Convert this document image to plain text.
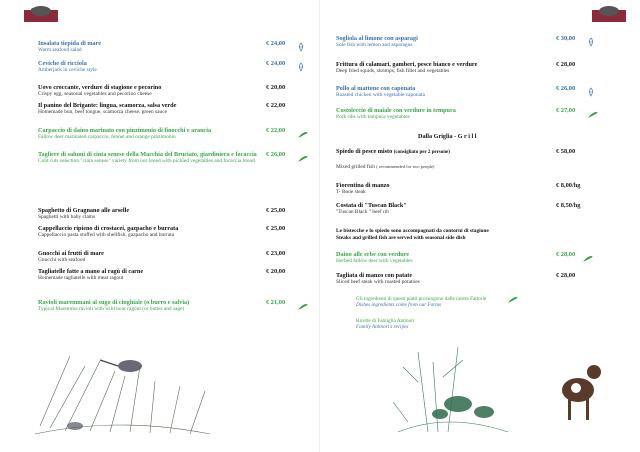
Insalata tiepida di mare
Warm seafood salad
€ 24,00
Ceviche di ricciola
Amberjack in ceviche style
€ 24,00
Uovo croccante, verdure di stagione e pecorino
Crispy egg, seasonal vegetables and pecorino cheese
€ 20,00
Il panino del Brigante: lingua, scamorza, salsa verde
Homemade bun, beef tongue, scamorza cheese, green sauce
€ 22,00
Carpaccio di daino marinato con pinzimonio di finocchi e arancia
Fallow deer marinated carpaccio, fennel and orange pinzimonio
€ 22,00
Tagliere di salumi di cinta senese della Macchia del Bruciato, giardiniera e focaccia
Cold cuts selection "cinta senese" variety from our breed with pickled vegetables and focaccia bread
€ 26,00
Spaghetto di Gragnano alle arselle
Spaghetti with baby clams
€ 25,00
Cappellaccio ripieno di crostacei, gazpacho e burrata
Cappellaccio pasta stuffed with shellfish, gazpacho and burrata
€ 25,00
Gnocchi ai frutti di mare
Gnocchi with seafood
€ 23,00
Tagliatelle fatte a mano al ragù di carne
Homemade tagliatelle with meat ragout
€ 20,00
Ravioli maremmani al sugo di cinghiale (o burro e salvia)
Typical Maremma ravioli with wild boar ragout (or butter and sage)
€ 21,00
Dalla Griglia - G r i l l
Spiedo di pesce misto (consigliato per 2 persone)
Mixed grilled fish ( recommended for two people)
€ 58,00
Fiorentina di manzo
T- Bone steak
€ 8,00/hg
Costata di "Tuscan Black"
"Tuscan Black " beef rib
€ 8,50/hg
Le bistecche e lo spiedo sono accompagnati da contorni di stagione
Steaks and grilled fish are served with seasonal side dish
Sogliola al limone con asparagi
Sole fish with lemon and asparagus
€ 30,00
Frittura di calamari, gamberi, pesce bianco e verdure
Deep fried squids, shrimps, fish fillet and vegetables
€ 28,00
Pollo al mattone con caponata
Roasted chicken with vegetable caponata
€ 26,00
Costoleccio di maiale con verdure in tempura
Pork ribs with tempura vegetables
€ 27,00
Daino alle erbe con verdure
Herbed fallow deer with vegetables
€ 28,00
Tagliata di manzo con patate
Sliced beef steak with roasted potatoes
€ 28,00
Gli ingredienti di questi piatti provengono dalle nostre Fattorie
Dishes ingredients come from our Farms
Ricette di Famiglia Antinori
Family Antinori's recipes
